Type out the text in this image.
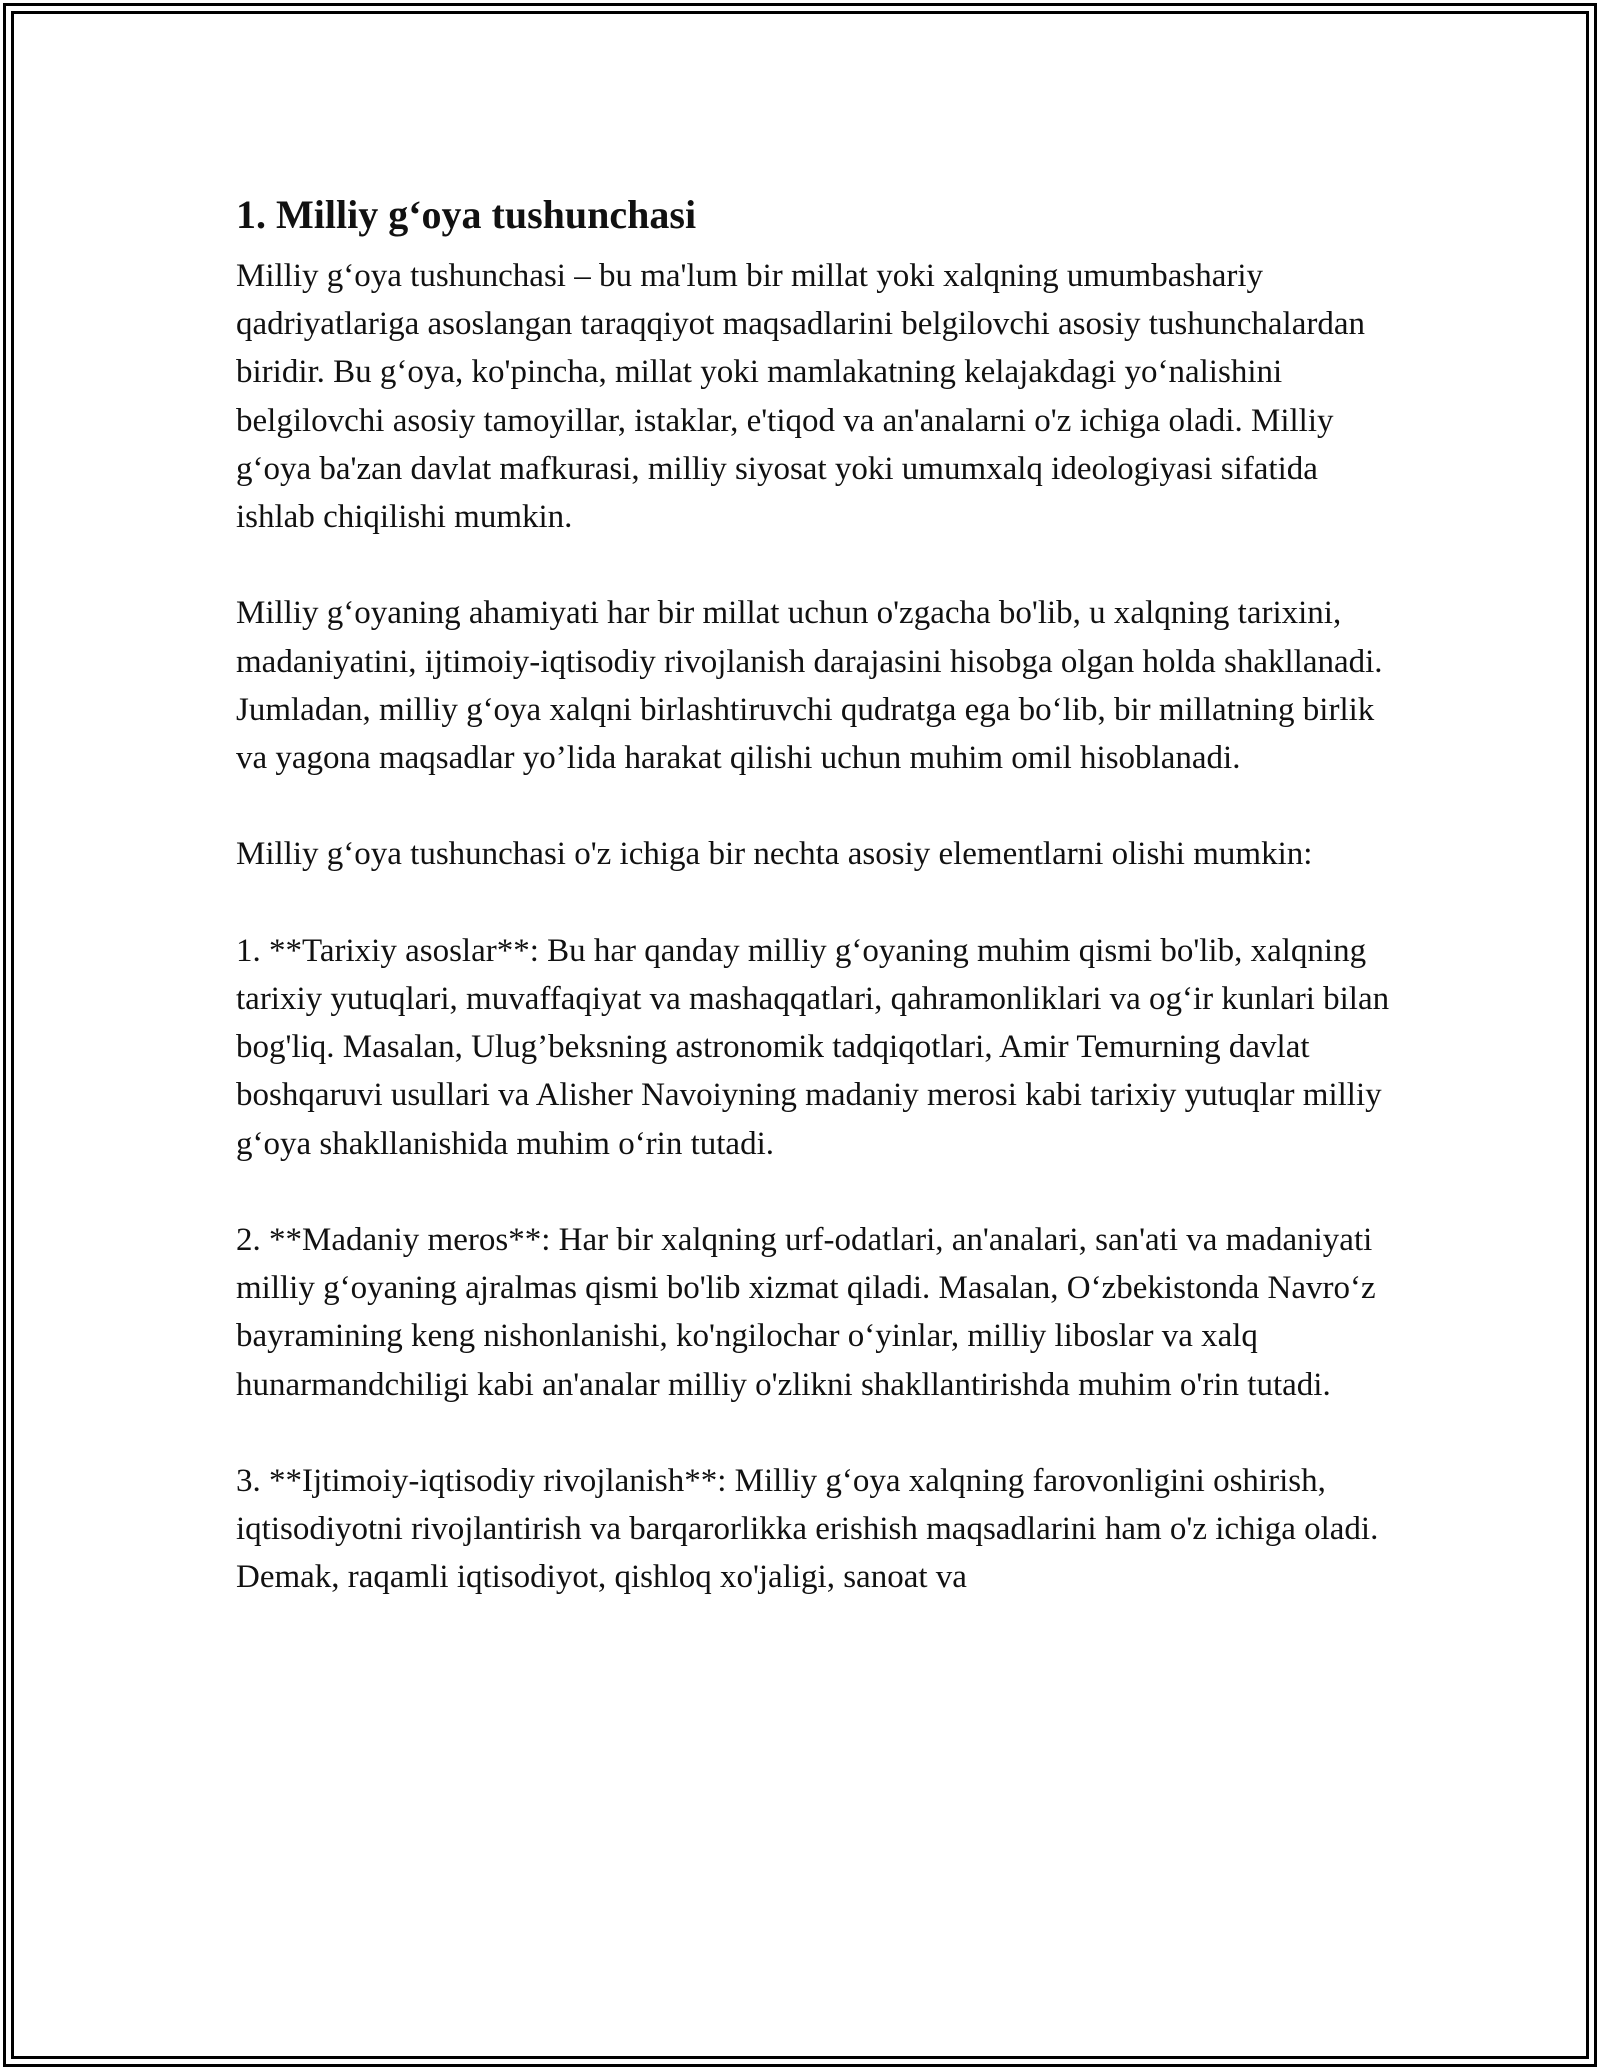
1. Milliy g‘oya tushunchasi

Milliy g‘oya tushunchasi – bu ma'lum bir millat yoki xalqning umumbashariy qadriyatlariga asoslangan taraqqiyot maqsadlarini belgilovchi asosiy tushunchalardan biridir. Bu g‘oya, ko'pincha, millat yoki mamlakatning kelajakdagi yo‘nalishini belgilovchi asosiy tamoyillar, istaklar, e'tiqod va an'analarni o'z ichiga oladi. Milliy g‘oya ba'zan davlat mafkurasi, milliy siyosat yoki umumxalq ideologiyasi sifatida ishlab chiqilishi mumkin.

Milliy g‘oyaning ahamiyati har bir millat uchun o'zgacha bo'lib, u xalqning tarixini, madaniyatini, ijtimoiy-iqtisodiy rivojlanish darajasini hisobga olgan holda shakllanadi. Jumladan, milliy g‘oya xalqni birlashtiruvchi qudratga ega bo‘lib, bir millatning birlik va yagona maqsadlar yo’lida harakat qilishi uchun muhim omil hisoblanadi.

Milliy g‘oya tushunchasi o'z ichiga bir nechta asosiy elementlarni olishi mumkin:

1. **Tarixiy asoslar**: Bu har qanday milliy g‘oyaning muhim qismi bo'lib, xalqning tarixiy yutuqlari, muvaffaqiyat va mashaqqatlari, qahramonliklari va og‘ir kunlari bilan bog'liq. Masalan, Ulug’beksning astronomik tadqiqotlari, Amir Temurning davlat boshqaruvi usullari va Alisher Navoiyning madaniy merosi kabi tarixiy yutuqlar milliy g‘oya shakllanishida muhim o‘rin tutadi.

2. **Madaniy meros**: Har bir xalqning urf-odatlari, an'analari, san'ati va madaniyati milliy g‘oyaning ajralmas qismi bo'lib xizmat qiladi. Masalan, O‘zbekistonda Navro‘z bayramining keng nishonlanishi, ko'ngilochar o‘yinlar, milliy liboslar va xalq hunarmandchiligi kabi an'analar milliy o'zlikni shakllantirishda muhim o'rin tutadi.

3. **Ijtimoiy-iqtisodiy rivojlanish**: Milliy g‘oya xalqning farovonligini oshirish, iqtisodiyotni rivojlantirish va barqarorlikka erishish maqsadlarini ham o'z ichiga oladi. Demak, raqamli iqtisodiyot, qishloq xo'jaligi, sanoat va
